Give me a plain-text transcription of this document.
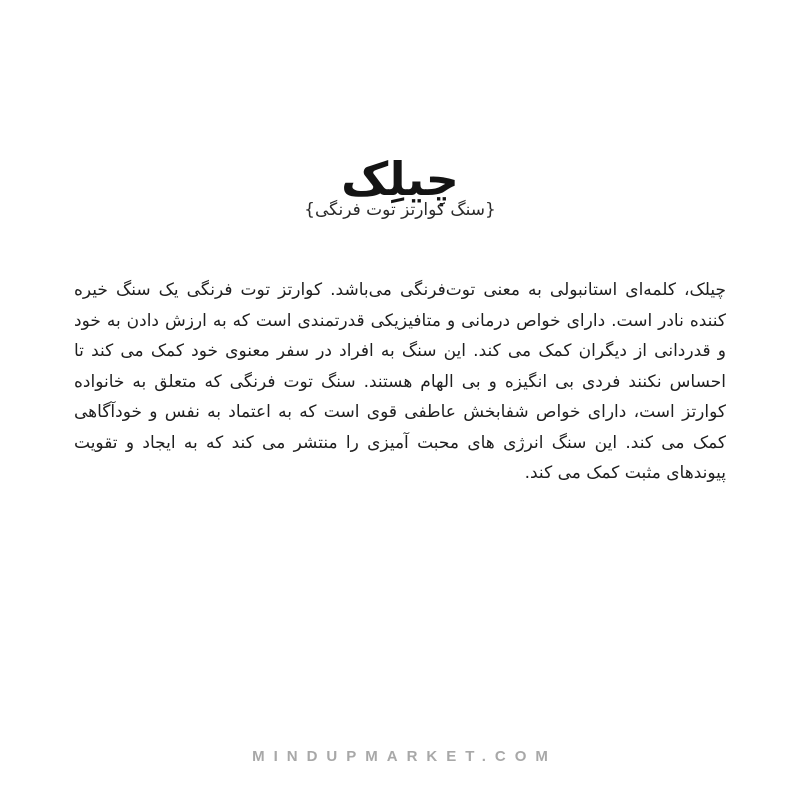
چیلِک
{سنگ کوارتز توت فرنگی}

چیلک، کلمه‌ای استانبولی به معنی توت‌فرنگی می‌باشد. کوارتز توت فرنگی یک سنگ خیره کننده نادر است. دارای خواص درمانی و متافیزیکی قدرتمندی است که به ارزش دادن به خود و قدردانی از دیگران کمک می کند. این سنگ به افراد در سفر معنوی خود کمک می کند تا احساس نکنند فردی بی انگیزه و بی الهام هستند. سنگ توت فرنگی که متعلق به خانواده کوارتز است، دارای خواص شفابخش عاطفی قوی است که به اعتماد به نفس و خودآگاهی کمک می کند. این سنگ انرژی های محبت آمیزی را منتشر می کند که به ایجاد و تقویت پیوندهای مثبت کمک می کند.

MINDUPMARKET.COM
